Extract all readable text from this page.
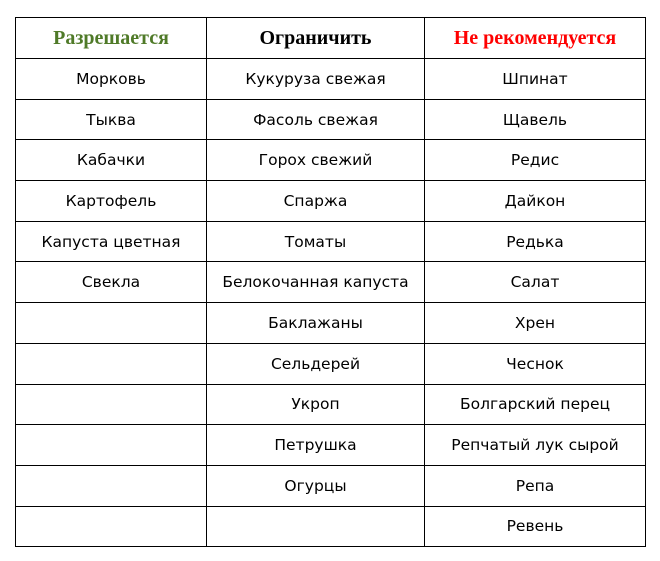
Разрешается	Ограничить	Не рекомендуется
Морковь	Кукуруза свежая	Шпинат
Тыква	Фасоль свежая	Щавель
Кабачки	Горох свежий	Редис
Картофель	Спаржа	Дайкон
Капуста цветная	Томаты	Редька
Свекла	Белокочанная капуста	Салат
	Баклажаны	Хрен
	Сельдерей	Чеснок
	Укроп	Болгарский перец
	Петрушка	Репчатый лук сырой
	Огурцы	Репа
		Ревень
